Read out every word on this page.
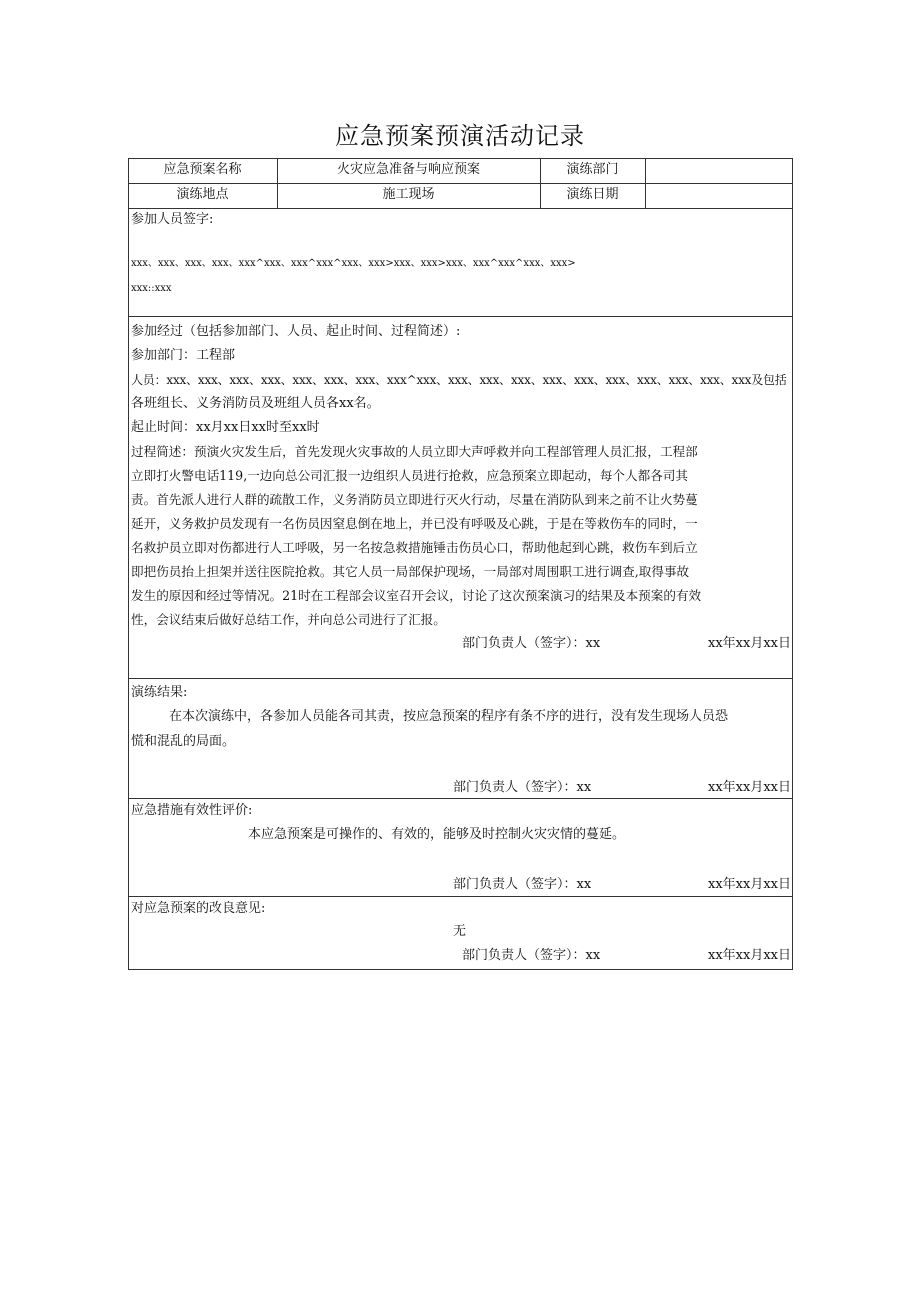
应急预案预演活动记录
应急预案名称	火灾应急准备与响应预案	演练部门
演练地点	施工现场	演练日期
参加人员签字:
xxx、xxx、xxx、xxx、xxx^xxx、xxx^xxx^xxx、xxx>xxx、xxx>xxx、xxx^xxx^xxx、xxx>
xxx::xxx
参加经过（包括参加部门、人员、起止时间、过程简述）:
参加部门：工程部
人员：xxx、xxx、xxx、xxx、xxx、xxx、xxx、xxx^xxx、xxx、xxx、xxx、xxx、xxx、xxx、xxx、xxx、xxx、xxx及包括
各班组长、义务消防员及班组人员各xx名。
起止时间：xx月xx日xx时至xx时
过程简述：预演火灾发生后，首先发现火灾事故的人员立即大声呼救并向工程部管理人员汇报，工程部
立即打火警电话119,一边向总公司汇报一边组织人员进行抢救，应急预案立即起动，每个人都各司其
责。首先派人进行人群的疏散工作，义务消防员立即进行灭火行动，尽量在消防队到来之前不让火势蔓
延开，义务救护员发现有一名伤员因窒息倒在地上，并已没有呼吸及心跳，于是在等救伤车的同时，一
名救护员立即对伤都进行人工呼吸，另一名按急救措施锤击伤员心口，帮助他起到心跳，救伤车到后立
即把伤员抬上担架并送往医院抢救。其它人员一局部保护现场，一局部对周围职工进行调查,取得事故
发生的原因和经过等情况。21时在工程部会议室召开会议，讨论了这次预案演习的结果及本预案的有效
性，会议结束后做好总结工作，并向总公司进行了汇报。
部门负责人（签字）：xx	xx年xx月xx日
演练结果:
在本次演练中，各参加人员能各司其责，按应急预案的程序有条不序的进行，没有发生现场人员恐
慌和混乱的局面。
部门负责人（签字）：xx	xx年xx月xx日
应急措施有效性评价:
本应急预案是可操作的、有效的，能够及时控制火灾灾情的蔓延。
部门负责人（签字）：xx	xx年xx月xx日
对应急预案的改良意见:
无
部门负责人（签字）：xx	xx年xx月xx日
